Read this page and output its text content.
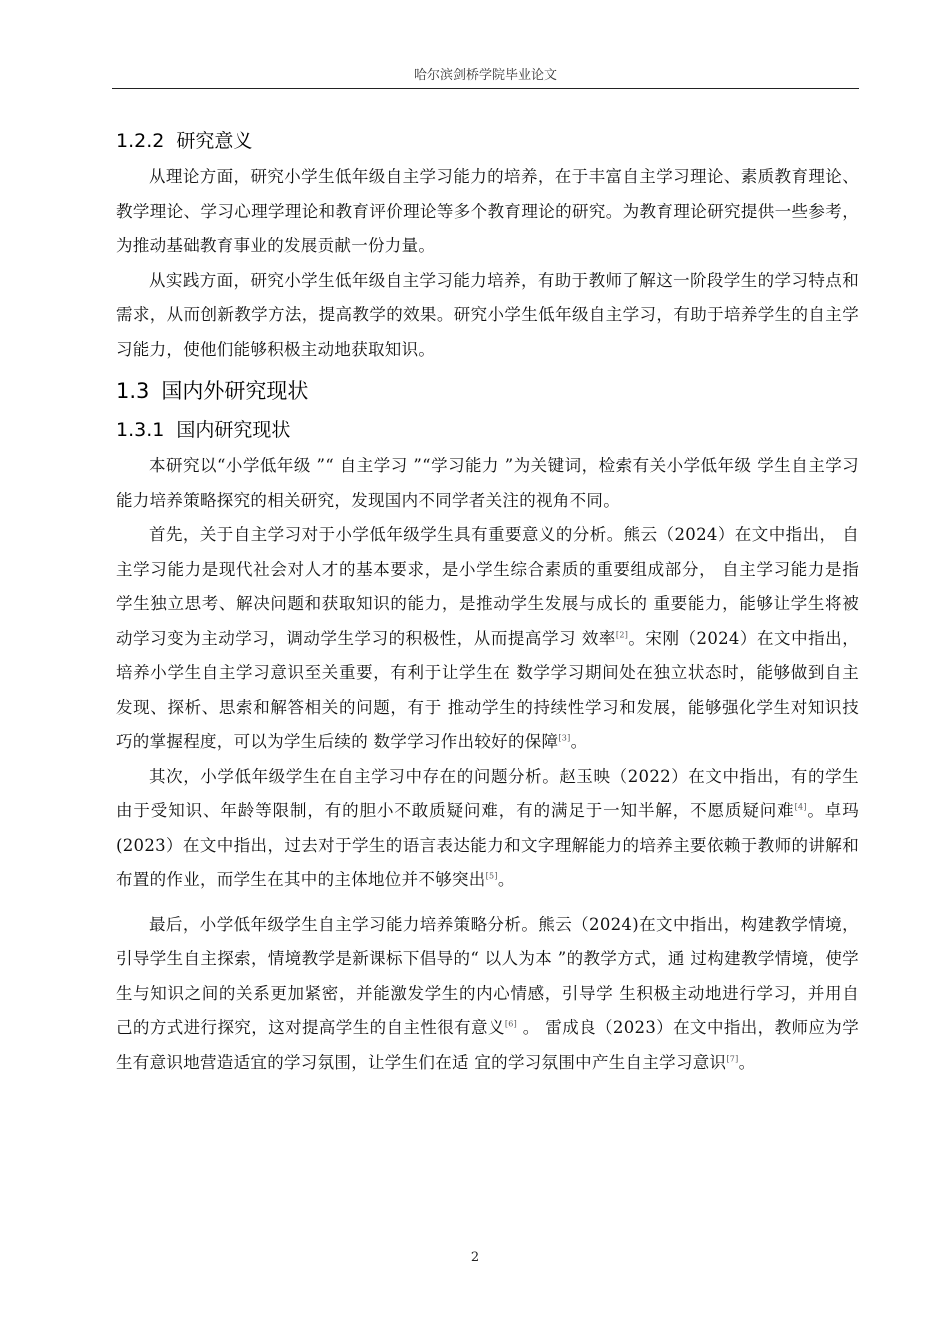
$_{哈尔滨剑桥学院毕业论文}$
1.2.2 研究意义

从理论方面，研究小学生低年级自主学习能力的培养，在于丰富自主学习理论、素质教育理论、教学理论、学习心理学理论和教育评价理论等多个教育理论的研究。为教育理论研究提供一些参考，为推动基础教育事业的发展贡献一份力量。

从实践方面，研究小学生低年级自主学习能力培养，有助于教师了解这一阶段学生的学习特点和需求，从而创新教学方法，提高教学的效果。研究小学生低年级自主学习，有助于培养学生的自主学习能力，使他们能够积极主动地获取知识。

1.3 国内外研究现状
1.3.1 国内研究现状

本研究以“小学低年级 ”“ 自主学习 ”“学习能力 ”为关键词，检索有关小学低年级 学生自主学习能力培养策略探究的相关研究，发现国内不同学者关注的视角不同。

首先，关于自主学习对于小学低年级学生具有重要意义的分析。熊云（2024）在文中指出， 自主学习能力是现代社会对人才的基本要求，是小学生综合素质的重要组成部分， 自主学习能力是指学生独立思考、解决问题和获取知识的能力，是推动学生发展与成长的 重要能力，能够让学生将被动学习变为主动学习，调动学生学习的积极性，从而提高学习 效率[2]。宋刚（2024）在文中指出，培养小学生自主学习意识至关重要，有利于让学生在 数学学习期间处在独立状态时，能够做到自主发现、探析、思索和解答相关的问题，有于 推动学生的持续性学习和发展，能够强化学生对知识技巧的掌握程度，可以为学生后续的 数学学习作出较好的保障[3]。

其次，小学低年级学生在自主学习中存在的问题分析。赵玉映（2022）在文中指出，有的学生由于受知识、年龄等限制，有的胆小不敢质疑问难，有的满足于一知半解，不愿质疑问难[4]。卓玛(2023）在文中指出，过去对于学生的语言表达能力和文字理解能力的培养主要依赖于教师的讲解和布置的作业，而学生在其中的主体地位并不够突出[5]。

最后，小学低年级学生自主学习能力培养策略分析。熊云（2024)在文中指出，构建教学情境，引导学生自主探索，情境教学是新课标下倡导的“ 以人为本 ”的教学方式，通 过构建教学情境，使学生与知识之间的关系更加紧密，并能激发学生的内心情感，引导学 生积极主动地进行学习，并用自己的方式进行探究，这对提高学生的自主性很有意义[6] 。 雷成良（2023）在文中指出，教师应为学生有意识地营造适宜的学习氛围，让学生们在适 宜的学习氛围中产生自主学习意识[7]。

2
